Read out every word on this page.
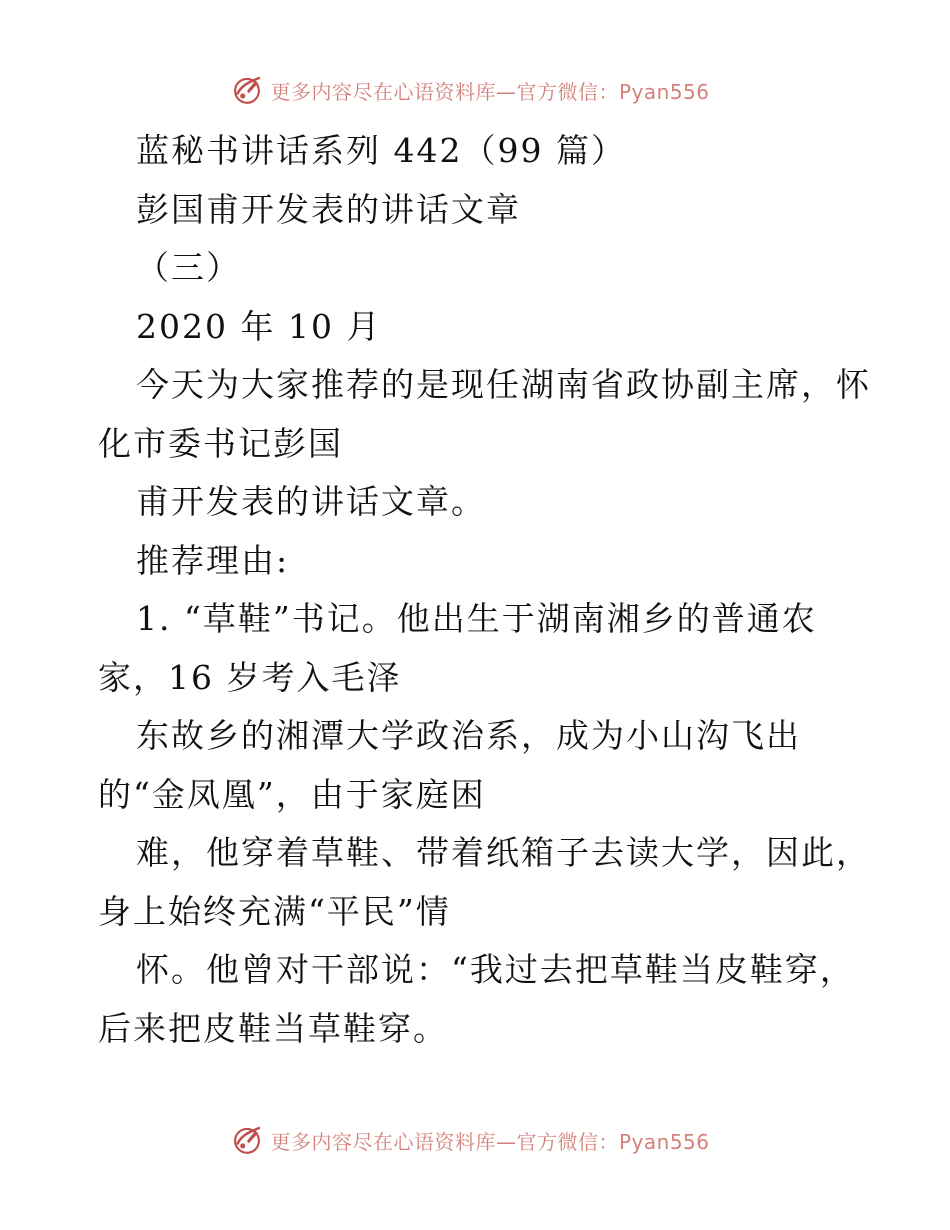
更多内容尽在心语资料库—官方微信：Pyan556
蓝秘书讲话系列 442（99 篇）
彭国甫开发表的讲话文章
（三）
2020 年 10 月
今天为大家推荐的是现任湖南省政协副主席，怀
化市委书记彭国
甫开发表的讲话文章。
推荐理由:
1. “草鞋”书记。他出生于湖南湘乡的普通农
家，16 岁考入毛泽
东故乡的湘潭大学政治系，成为小山沟飞出
的“金凤凰”，由于家庭困
难，他穿着草鞋、带着纸箱子去读大学，因此，
身上始终充满“平民”情
怀。他曾对干部说：“我过去把草鞋当皮鞋穿，
后来把皮鞋当草鞋穿。
更多内容尽在心语资料库—官方微信：Pyan556
